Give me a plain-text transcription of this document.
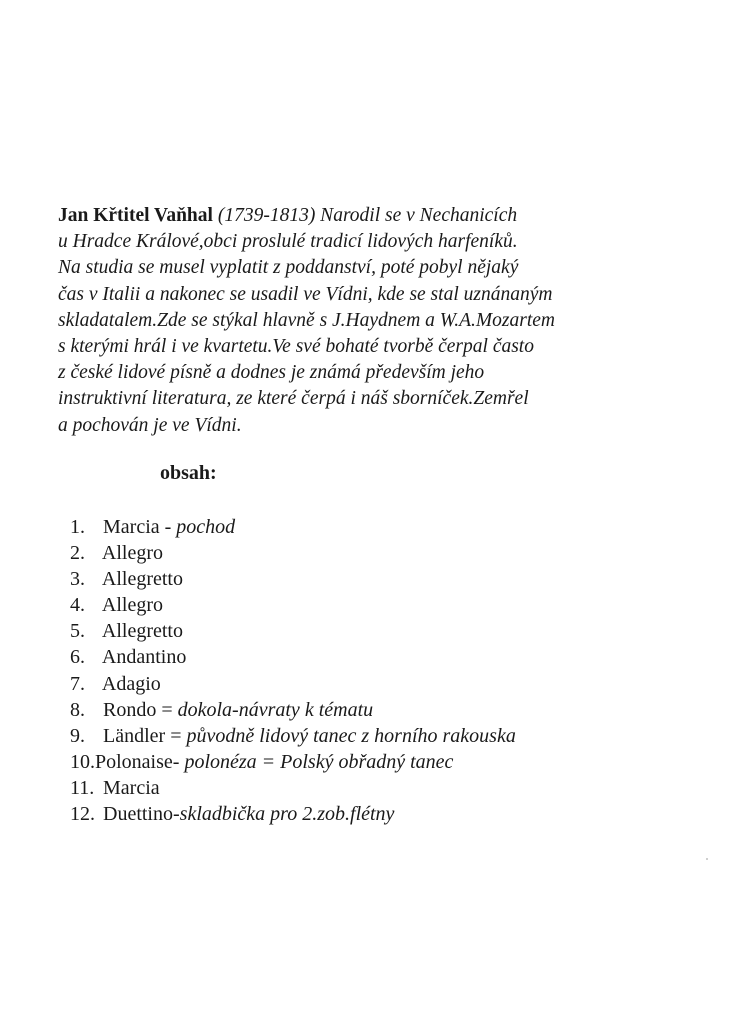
Jan Křtitel Vaňhal (1739-1813) Narodil se v Nechanicích
u Hradce Králové,obci proslulé tradicí lidových harfeníků.
Na studia se musel vyplatit z poddanství, poté pobyl nějaký
čas v Italii a nakonec se usadil ve Vídni, kde se stal uznánaným
skladatalem.Zde se stýkal hlavně s J.Haydnem a W.A.Mozartem
s kterými hrál i ve kvartetu.Ve své bohaté tvorbě čerpal často
z české lidové písně a dodnes je známá především jeho
instruktivní literatura, ze které čerpá i náš sborníček.Zemřel
a pochován je ve Vídni.
obsah:
1. Marcia - pochod
2. Allegro
3. Allegretto
4. Allegro
5. Allegretto
6. Andantino
7. Adagio
8. Rondo = dokola-návraty k tématu
9. Ländler = původně lidový tanec z horního rakouska
10.Polonaise- polonéza = Polský obřadný tanec
11. Marcia
12. Duettino-skladbička pro 2.zob.flétny
